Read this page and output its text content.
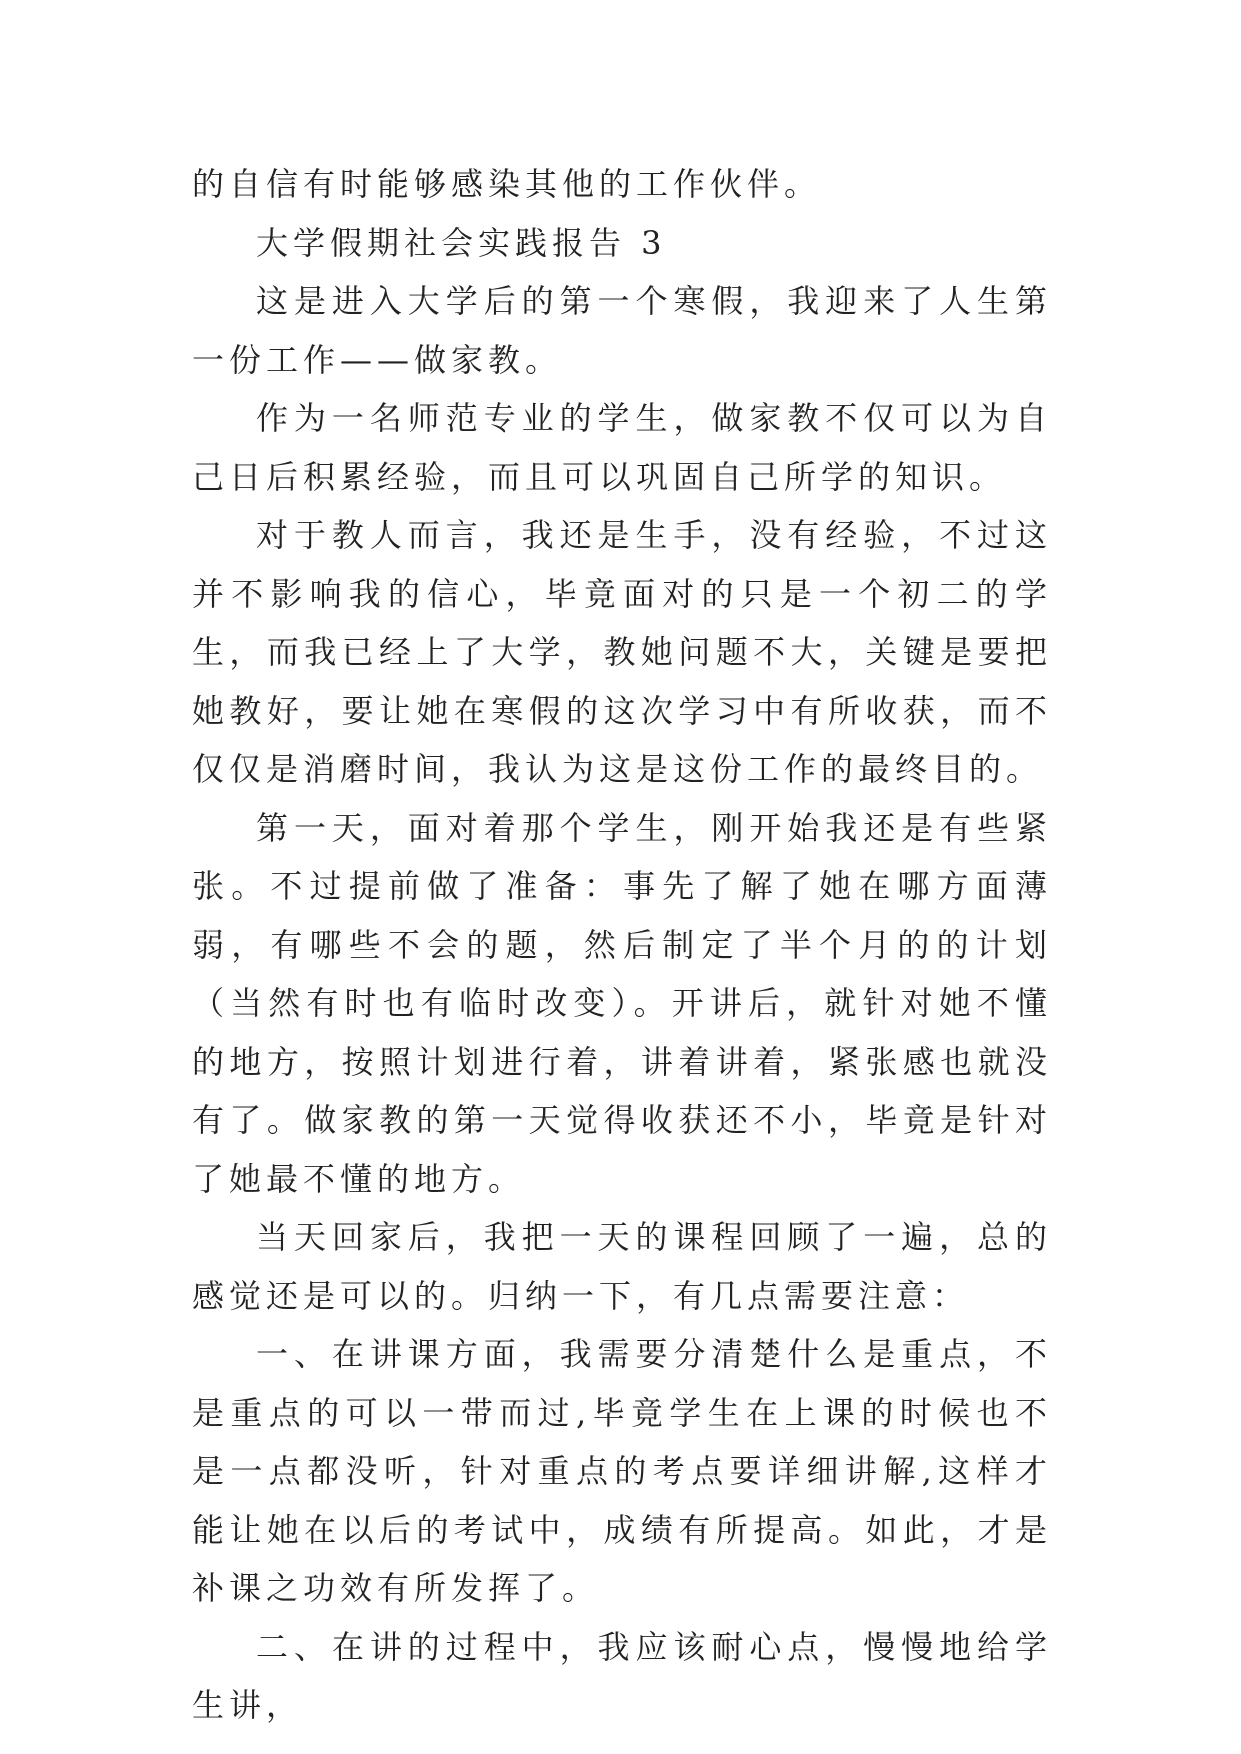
的自信有时能够感染其他的工作伙伴。

大学假期社会实践报告 3

这是进入大学后的第一个寒假，我迎来了人生第一份工作——做家教。

作为一名师范专业的学生，做家教不仅可以为自己日后积累经验，而且可以巩固自己所学的知识。

对于教人而言，我还是生手，没有经验，不过这并不影响我的信心，毕竟面对的只是一个初二的学生，而我已经上了大学，教她问题不大，关键是要把她教好，要让她在寒假的这次学习中有所收获，而不仅仅是消磨时间，我认为这是这份工作的最终目的。

第一天，面对着那个学生，刚开始我还是有些紧张。不过提前做了准备：事先了解了她在哪方面薄弱，有哪些不会的题，然后制定了半个月的的计划（当然有时也有临时改变）。开讲后，就针对她不懂的地方，按照计划进行着，讲着讲着，紧张感也就没有了。做家教的第一天觉得收获还不小，毕竟是针对了她最不懂的地方。

当天回家后，我把一天的课程回顾了一遍，总的感觉还是可以的。归纳一下，有几点需要注意：

一、在讲课方面，我需要分清楚什么是重点，不是重点的可以一带而过,毕竟学生在上课的时候也不是一点都没听，针对重点的考点要详细讲解,这样才能让她在以后的考试中，成绩有所提高。如此，才是补课之功效有所发挥了。

二、在讲的过程中，我应该耐心点，慢慢地给学生讲，
